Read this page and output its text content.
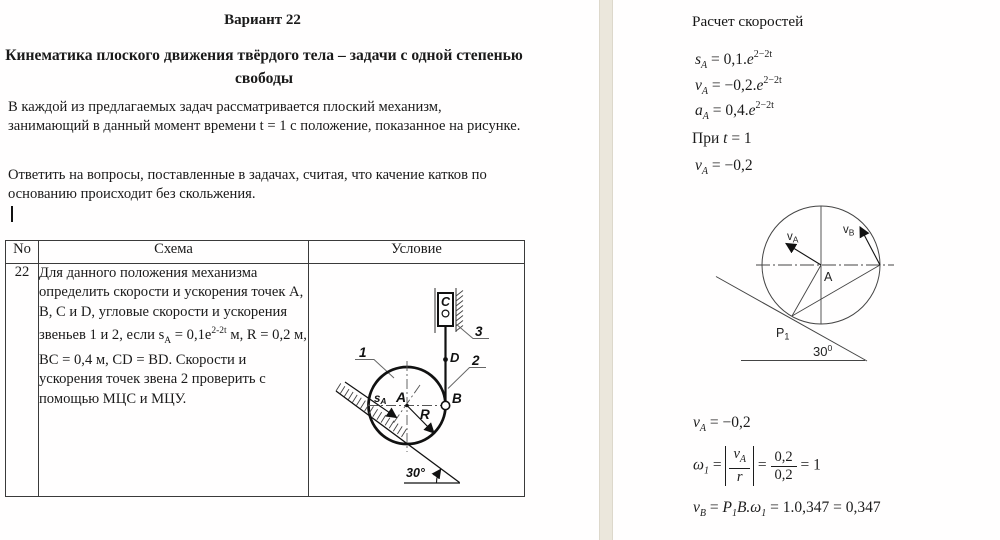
Вариант 22
Кинематика плоского движения твёрдого тела – задачи с одной степенью свободы

В каждой из предлагаемых задач рассматривается плоский механизм, занимающий в данный момент времени t = 1 с положение, показанное на рисунке.

Ответить на вопросы, поставленные в задачах, считая, что качение катков по основанию происходит без скольжения.

No	Схема	Условие
22	Для данного положения механизма определить скорости и ускорения точек А, В, С и D, угловые скорости и ускорения звеньев 1 и 2, если $s_А = 0,1e^{2-2t}$ м, R = 0,2 м, ВС = 0,4 м, CD = BD. Скорости и ускорения точек звена 2 проверить с помощью МЦС и МЦУ.	
C
3
D 2
1
sA A
R
B
30°
Расчет скоростей
$s_A = 0,1.e^{2-2t}$
$v_A = -0,2.e^{2-2t}$
$a_A = 0,4.e^{2-2t}$
При t = 1
$v_A = -0,2$
$v_A$
$v_B$
A
$P_1$
$30^0$
$v_A = -0,2$
$\omega_1 = \frac{v_A}{r} = \frac{0,2}{0,2} = 1$
$v_B = P_1B.\omega_1 = 1.0,347 = 0,347$
